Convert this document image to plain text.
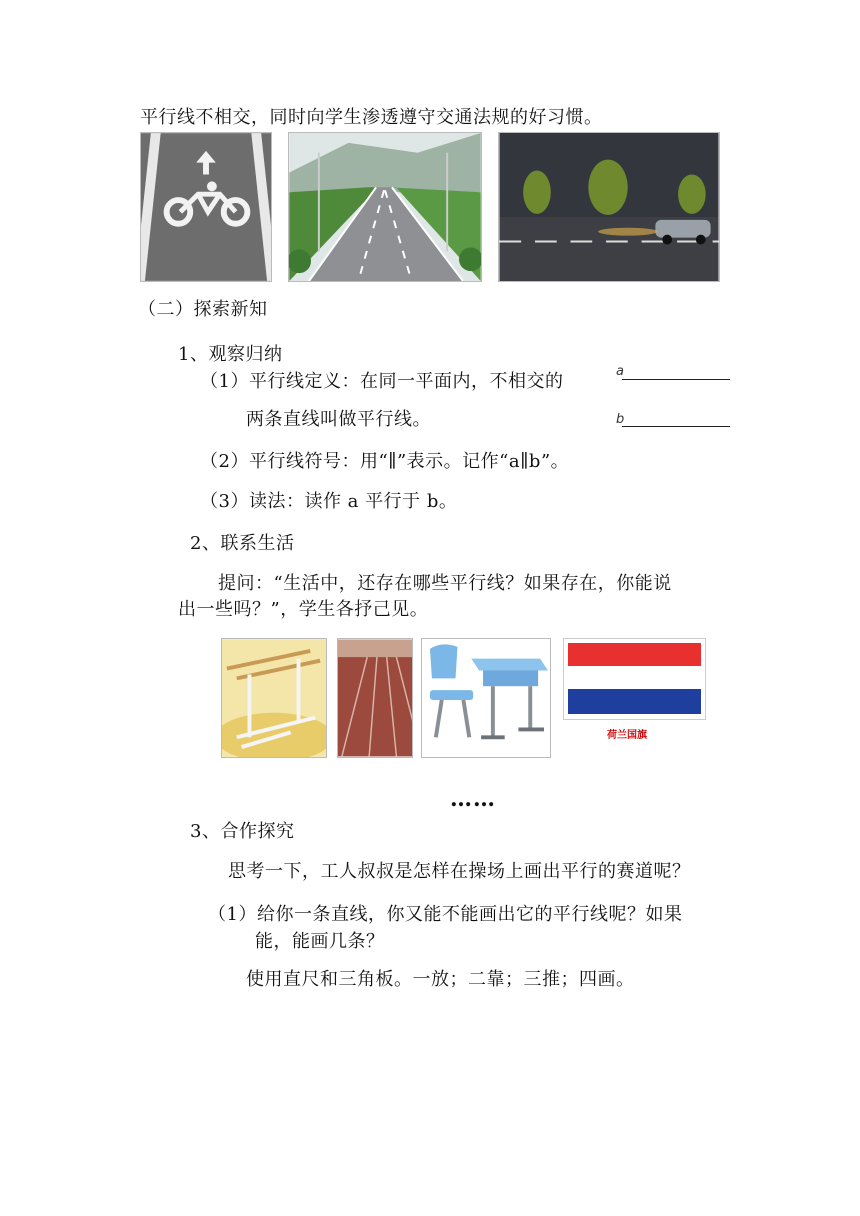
平行线不相交，同时向学生渗透遵守交通法规的好习惯。
（二）探索新知
1、观察归纳
（1）平行线定义：在同一平面内，不相交的
两条直线叫做平行线。
a
b
（2）平行线符号：用“∥”表示。记作“a∥b”。
（3）读法：读作 a 平行于 b。
2、联系生活
提问：“生活中，还存在哪些平行线？如果存在，你能说
出一些吗？”，学生各抒己见。
荷兰国旗
……
3、合作探究
思考一下，工人叔叔是怎样在操场上画出平行的赛道呢？
（1）给你一条直线，你又能不能画出它的平行线呢？如果
能，能画几条？
使用直尺和三角板。一放；二靠；三推；四画。
